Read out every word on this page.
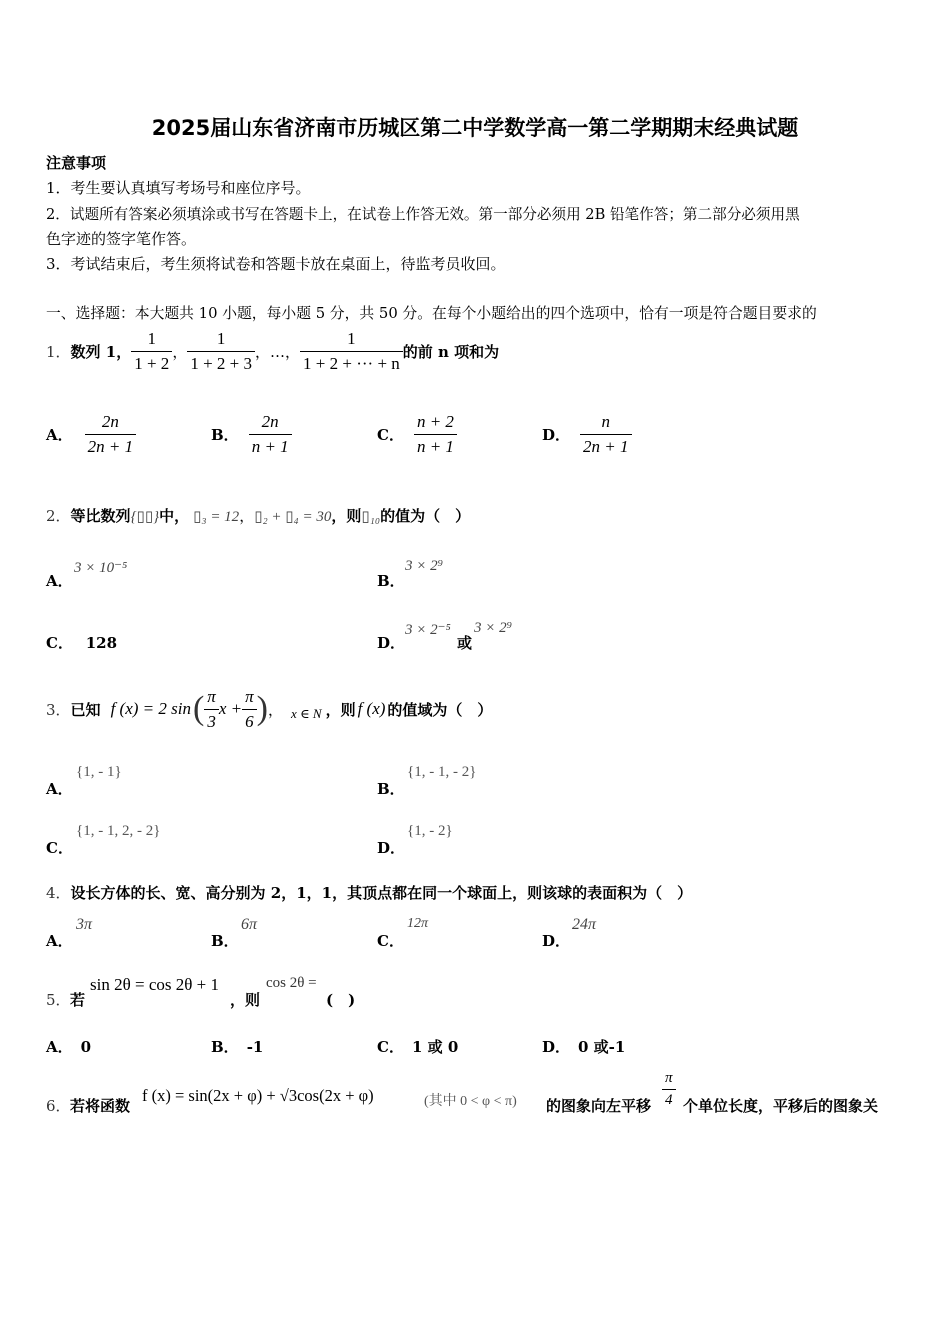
2025届山东省济南市历城区第二中学数学高一第二学期期末经典试题
注意事项
1．考生要认真填写考场号和座位序号。
2．试题所有答案必须填涂或书写在答题卡上，在试卷上作答无效。第一部分必须用 2B 铅笔作答；第二部分必须用黑
色字迹的签字笔作答。
3．考试结束后，考生须将试卷和答题卡放在桌面上，待监考员收回。
一、选择题：本大题共 10 小题，每小题 5 分，共 50 分。在每个小题给出的四个选项中，恰有一项是符合题目要求的
1． 数列 1， $\frac{1}{1 + 2}$ ， $\frac{1}{1 + 2 + 3}$ ，…， $\frac{1}{1 + 2 + \cdot\cdot\cdot + n}$ 的前 n 项和为
A． $\frac{2n}{2n + 1}$	B． $\frac{2n}{n + 1}$	C． $\frac{n + 2}{n + 1}$	D． $\frac{n}{2n + 1}$
2． 等比数列 {▯▯} 中， ▯₃ = 12 ， ▯₂ + ▯₄ = 30 ，则 ▯₁₀ 的值为（　）
A．
3 × 10⁻⁵
B．
3 × 2⁹
C． 128	D．
3 × 2⁻⁵
或
3 × 2⁹
3． 已知 f (x) = 2 sin ( $\frac{\pi}{3}$ $x + \frac{\pi}{6}$ ) ， x ∈ N ，则 f (x) 的值域为（　）
A．
{1, - 1}
B．
{1, - 1, - 2}
C．
{1, - 1, 2, - 2}
D．
{1, - 2}
4．设长方体的长、宽、高分别为 2，1，1，其顶点都在同一个球面上，则该球的表面积为（　）
A．
3π
B．
6π
C．
12π
D．
24π
5． 若
sin 2θ = cos 2θ + 1
，则
cos 2θ =
(　)
A． 0	B． -1	C． 1 或 0	D． 0 或-1
6． 若将函数
f (x) = sin(2x + φ) + √3cos(2x + φ)	(其中 0 < φ < π) 的图象向左平移 $\frac{\pi}{4}$ 个单位长度，平移后的图象关
